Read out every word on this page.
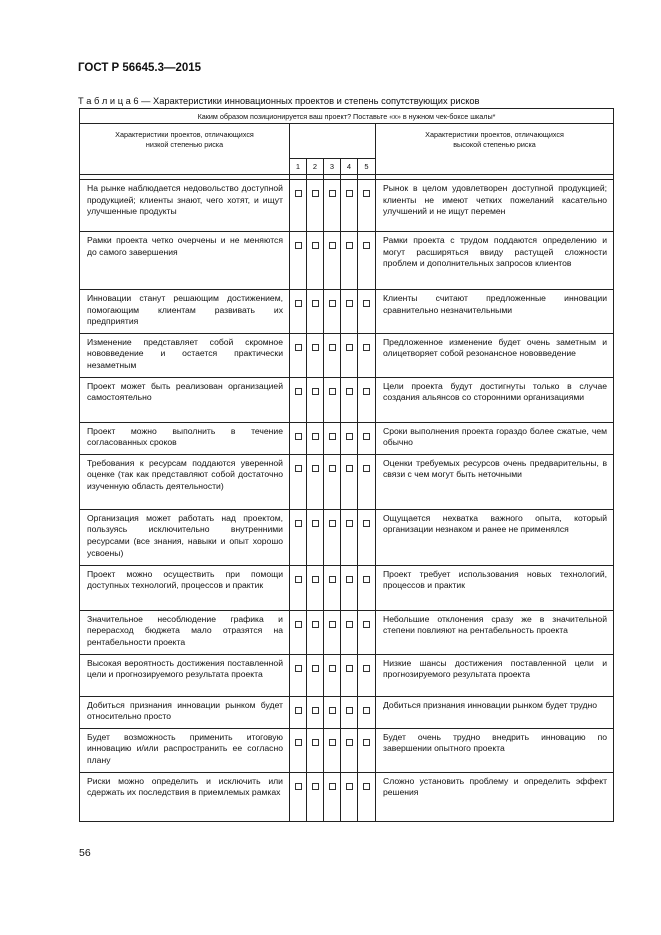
ГОСТ Р 56645.3—2015
Т а б л и ц а 6 — Характеристики инновационных проектов и степень сопутствующих рисков
Каким образом позиционируется ваш проект? Поставьте «х» в нужном чек-боксе шкалы*						
Характеристики проектов, отличающихся
низкой степенью риска						Характеристики проектов, отличающихся
высокой степенью риска
	1	2	3	4	5	

На рынке наблюдается недовольство доступной продукцией; клиенты знают, чего хотят, и ищут улучшенные продукты						Рынок в целом удовлетворен доступной продукцией; клиенты не имеют четких пожеланий касательно улучшений и не ищут перемен

Рамки проекта четко очерчены и не меняются до самого завершения						Рамки проекта с трудом поддаются определению и могут расширяться ввиду растущей сложности проблем и дополнительных запросов клиентов

Инновации станут решающим достижением, помогающим клиентам развивать их предприятия						Клиенты считают предложенные инновации сравнительно незначительными

Изменение представляет собой скромное нововведение и остается практически незаметным						Предложенное изменение будет очень заметным и олицетворяет собой резонансное нововведение

Проект может быть реализован организацией самостоятельно						Цели проекта будут достигнуты только в случае создания альянсов со сторонними организациями

Проект можно выполнить в течение согласованных сроков						Сроки выполнения проекта гораздо более сжатые, чем обычно

Требования к ресурсам поддаются уверенной оценке (так как представляют собой достаточно изученную область деятельности)						Оценки требуемых ресурсов очень предварительны, в связи с чем могут быть неточными

Организация может работать над проектом, пользуясь исключительно внутренними ресурсами (все знания, навыки и опыт хорошо усвоены)						Ощущается нехватка важного опыта, который организации незнаком и ранее не применялся

Проект можно осуществить при помощи доступных технологий, процессов и практик						Проект требует использования новых технологий, процессов и практик

Значительное несоблюдение графика и перерасход бюджета мало отразятся на рентабельности проекта						Небольшие отклонения сразу же в значительной степени повлияют на рентабельность проекта

Высокая вероятность достижения поставленной цели и прогнозируемого результата проекта						Низкие шансы достижения поставленной цели и прогнозируемого результата проекта

Добиться признания инновации рынком будет относительно просто						Добиться признания инновации рынком будет трудно

Будет возможность применить итоговую инновацию и/или распространить ее согласно плану						Будет очень трудно внедрить инновацию по завершении опытного проекта

Риски можно определить и исключить или сдержать их последствия в приемлемых рамках						Сложно установить проблему и определить эффект решения
56
